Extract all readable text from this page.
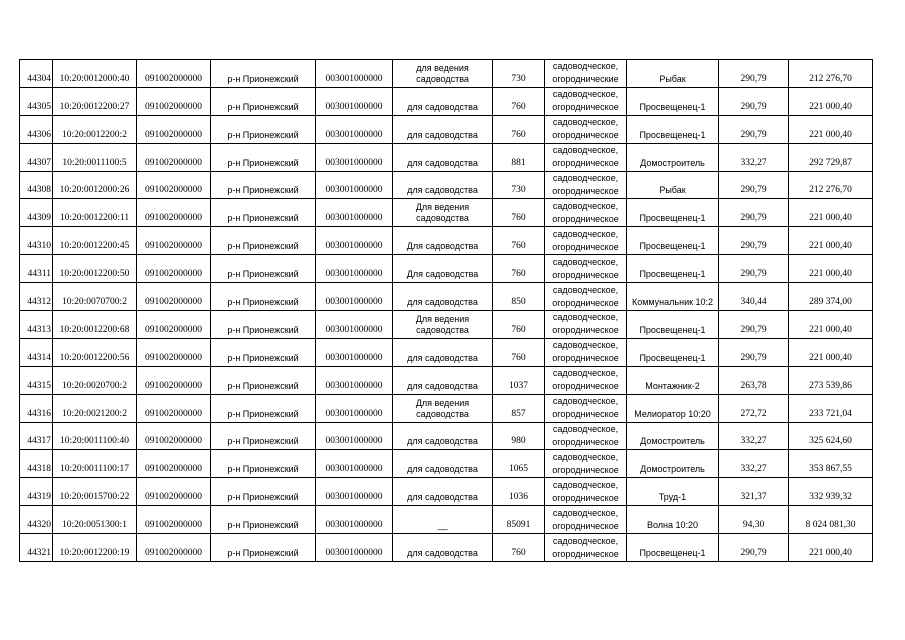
44304	10:20:0012000:40	091002000000	р-н Прионежский	003001000000	для ведения садоводства	730	садоводческое, огороднические	Рыбак	290,79	212 276,70
44305	10:20:0012200:27	091002000000	р-н Прионежский	003001000000	для садоводства	760	садоводческое, огородническое	Просвещенец-1	290,79	221 000,40
44306	10:20:0012200:2	091002000000	р-н Прионежский	003001000000	для садоводства	760	садоводческое, огородническое	Просвещенец-1	290,79	221 000,40
44307	10:20:0011100:5	091002000000	р-н Прионежский	003001000000	для садоводства	881	садоводческое, огородническое	Домостроитель	332,27	292 729,87
44308	10:20:0012000:26	091002000000	р-н Прионежский	003001000000	для садоводства	730	садоводческое, огородническое	Рыбак	290,79	212 276,70
44309	10:20:0012200:11	091002000000	р-н Прионежский	003001000000	Для ведения садоводства	760	садоводческое, огородническое	Просвещенец-1	290,79	221 000,40
44310	10:20:0012200:45	091002000000	р-н Прионежский	003001000000	Для садоводства	760	садоводческое, огородническое	Просвещенец-1	290,79	221 000,40
44311	10:20:0012200:50	091002000000	р-н Прионежский	003001000000	Для садоводства	760	садоводческое, огородническое	Просвещенец-1	290,79	221 000,40
44312	10:20:0070700:2	091002000000	р-н Прионежский	003001000000	для садоводства	850	садоводческое, огородническое	Коммунальник 10:2	340,44	289 374,00
44313	10:20:0012200:68	091002000000	р-н Прионежский	003001000000	Для ведения садоводства	760	садоводческое, огородническое	Просвещенец-1	290,79	221 000,40
44314	10:20:0012200:56	091002000000	р-н Прионежский	003001000000	для садоводства	760	садоводческое, огородническое	Просвещенец-1	290,79	221 000,40
44315	10:20:0020700:2	091002000000	р-н Прионежский	003001000000	для садоводства	1037	садоводческое, огородническое	Монтажник-2	263,78	273 539,86
44316	10:20:0021200:2	091002000000	р-н Прионежский	003001000000	Для ведения садоводства	857	садоводческое, огородническое	Мелиоратор 10:20	272,72	233 721,04
44317	10:20:0011100:40	091002000000	р-н Прионежский	003001000000	для садоводства	980	садоводческое, огородническое	Домостроитель	332,27	325 624,60
44318	10:20:0011100:17	091002000000	р-н Прионежский	003001000000	для садоводства	1065	садоводческое, огородническое	Домостроитель	332,27	353 867,55
44319	10:20:0015700:22	091002000000	р-н Прионежский	003001000000	для садоводства	1036	садоводческое, огородническое	Труд-1	321,37	332 939,32
44320	10:20:0051300:1	091002000000	р-н Прионежский	003001000000	__	85091	садоводческое, огородническое	Волна 10:20	94,30	8 024 081,30
44321	10:20:0012200:19	091002000000	р-н Прионежский	003001000000	для садоводства	760	садоводческое, огородническое	Просвещенец-1	290,79	221 000,40
